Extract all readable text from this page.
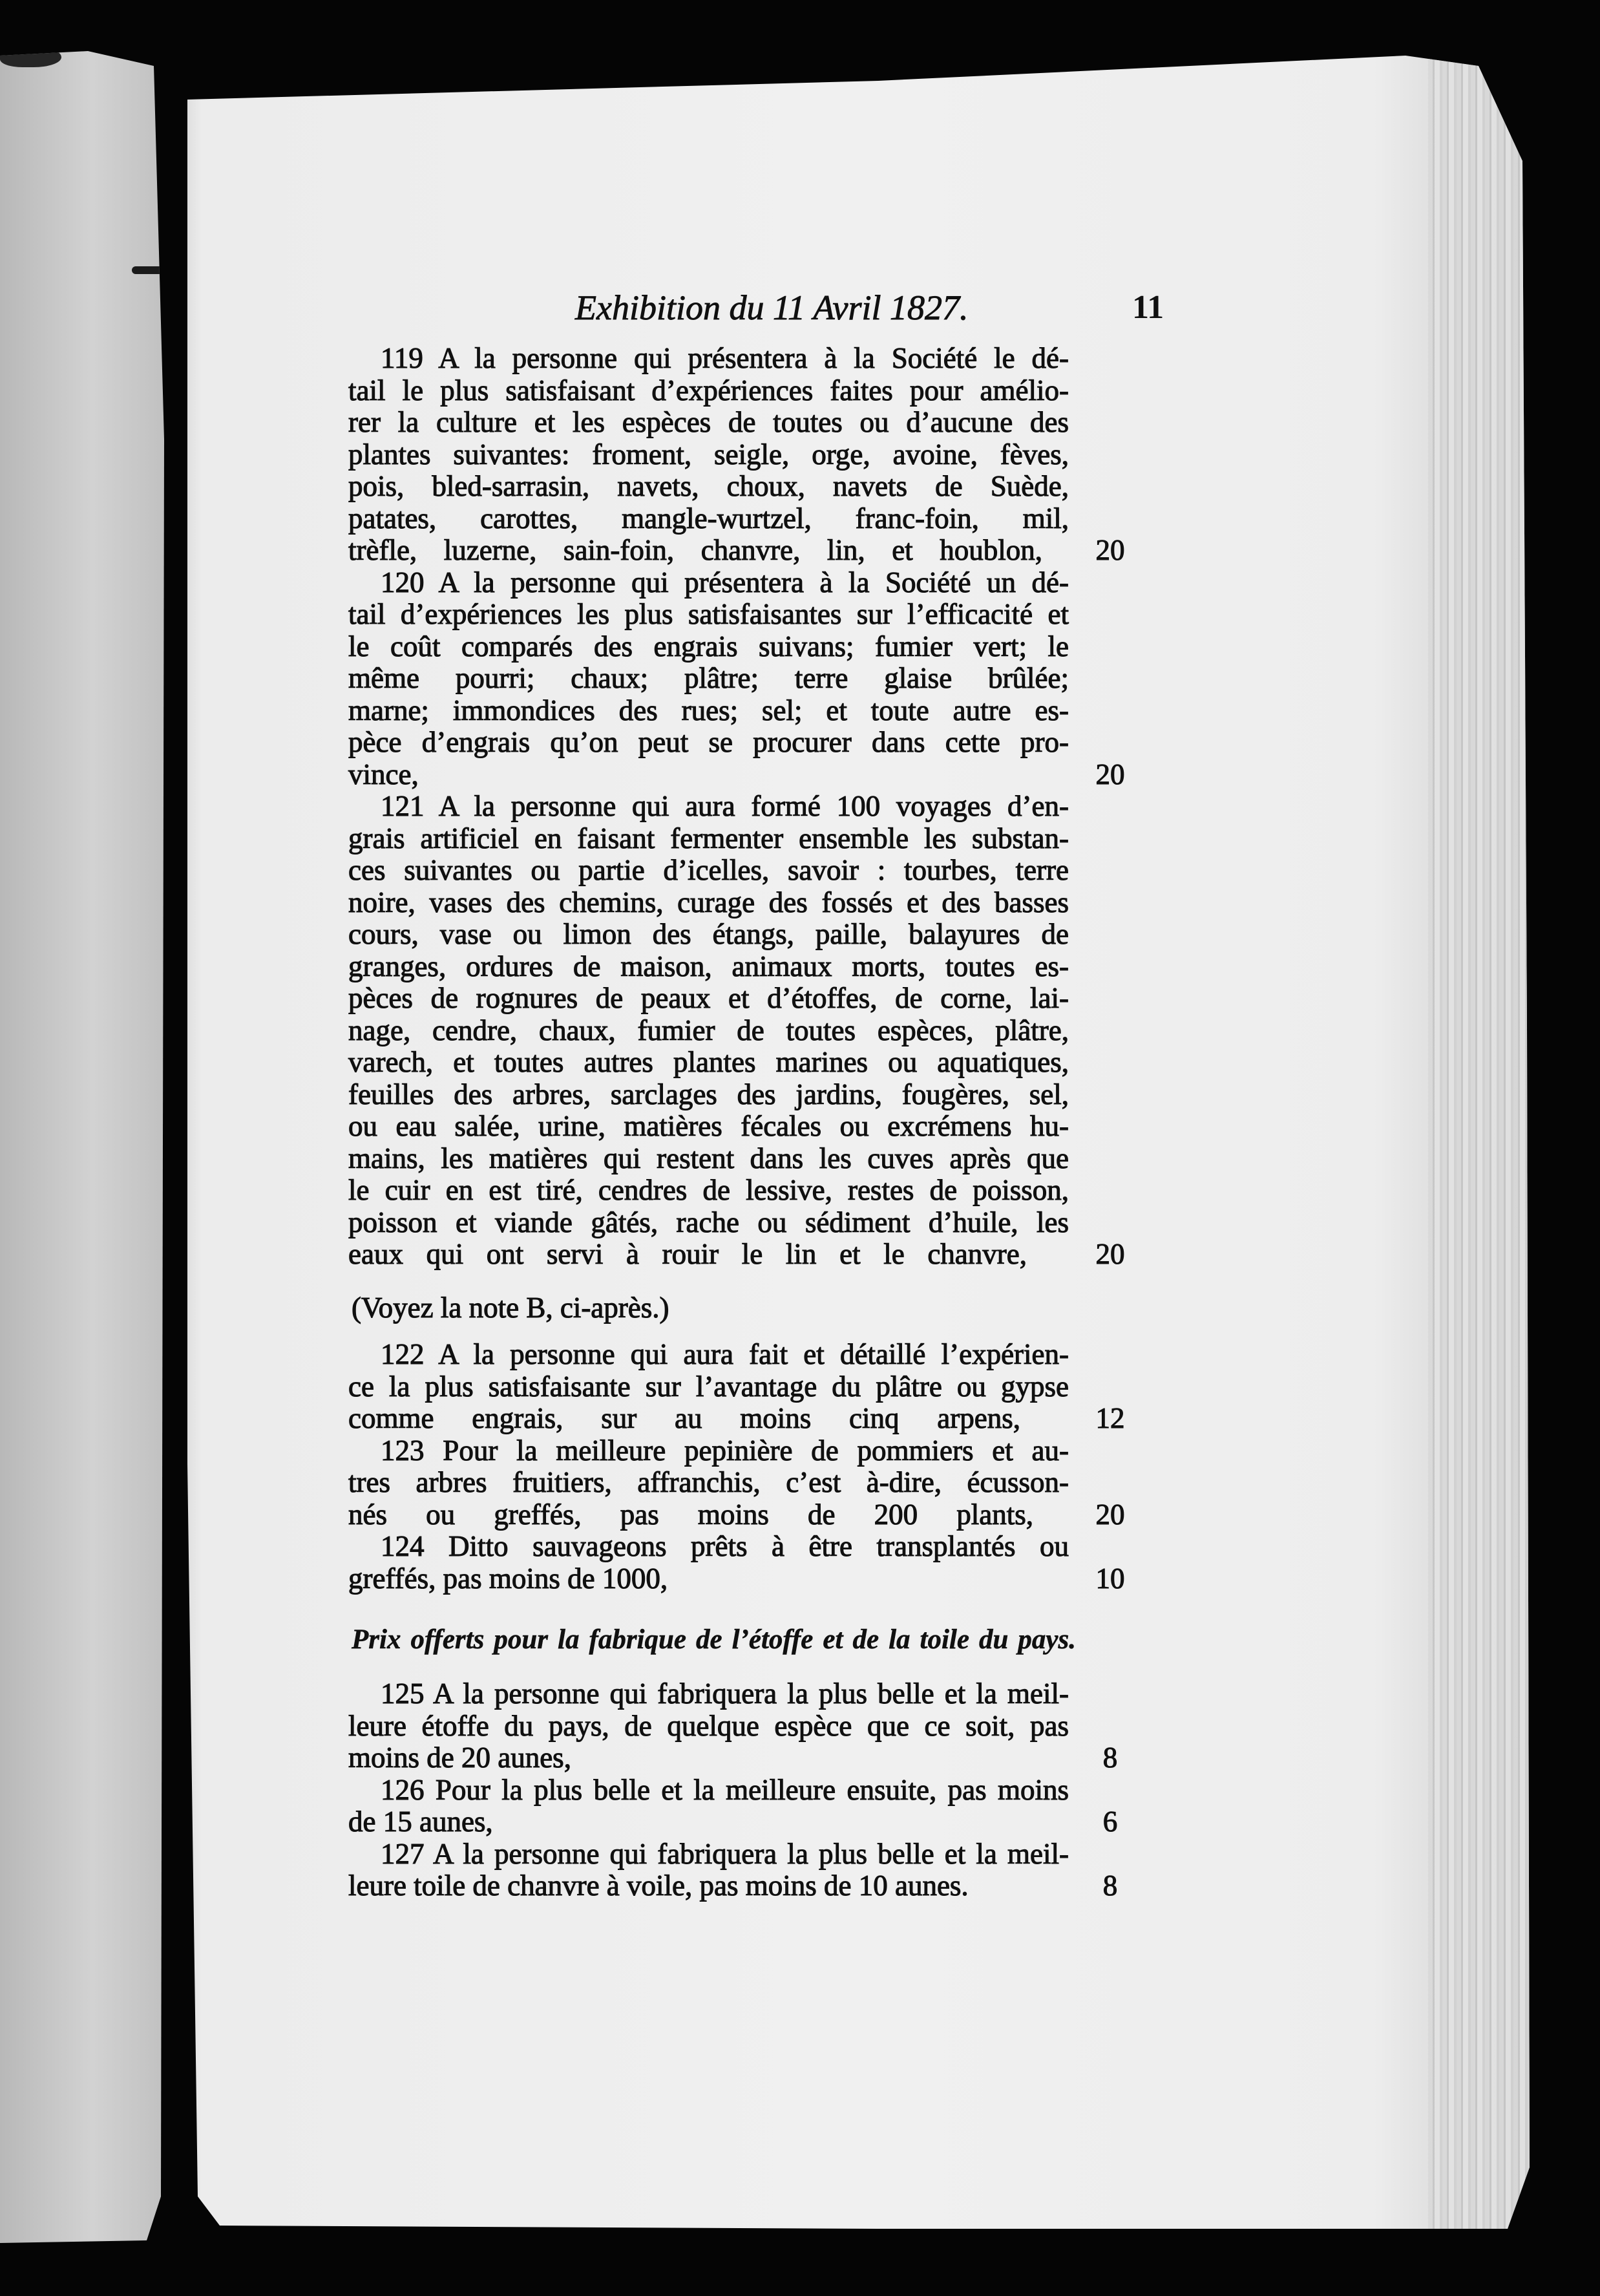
Exhibition du 11 Avril 1827.	11
119 A la personne qui présentera à la Société le dé-
tail le plus satisfaisant d’expériences faites pour amélio-
rer la culture et les espèces de toutes ou d’aucune des
plantes suivantes: froment, seigle, orge, avoine, fèves,
pois, bled-sarrasin, navets, choux, navets de Suède,
patates, carottes, mangle-wurtzel, franc-foin, mil,
trèfle, luzerne, sain-foin, chanvre, lin, et houblon,	20
120 A la personne qui présentera à la Société un dé-
tail d’expériences les plus satisfaisantes sur l’efficacité et
le coût comparés des engrais suivans; fumier vert; le
même pourri; chaux; plâtre; terre glaise brûlée;
marne; immondices des rues; sel; et toute autre es-
pèce d’engrais qu’on peut se procurer dans cette pro-
vince,	20
121 A la personne qui aura formé 100 voyages d’en-
grais artificiel en faisant fermenter ensemble les substan-
ces suivantes ou partie d’icelles, savoir : tourbes, terre
noire, vases des chemins, curage des fossés et des basses
cours, vase ou limon des étangs, paille, balayures de
granges, ordures de maison, animaux morts, toutes es-
pèces de rognures de peaux et d’étoffes, de corne, lai-
nage, cendre, chaux, fumier de toutes espèces, plâtre,
varech, et toutes autres plantes marines ou aquatiques,
feuilles des arbres, sarclages des jardins, fougères, sel,
ou eau salée, urine, matières fécales ou excrémens hu-
mains, les matières qui restent dans les cuves après que
le cuir en est tiré, cendres de lessive, restes de poisson,
poisson et viande gâtés, rache ou sédiment d’huile, les
eaux qui ont servi à rouir le lin et le chanvre,	20
(Voyez la note B, ci-après.)
122 A la personne qui aura fait et détaillé l’expérien-
ce la plus satisfaisante sur l’avantage du plâtre ou gypse
comme engrais, sur au moins cinq arpens,	12
123 Pour la meilleure pepinière de pommiers et au-
tres arbres fruitiers, affranchis, c’est à-dire, écusson-
nés ou greffés, pas moins de 200 plants,	20
124 Ditto sauvageons prêts à être transplantés ou
greffés, pas moins de 1000,	10
Prix offerts pour la fabrique de l’étoffe et de la toile du pays.
125 A la personne qui fabriquera la plus belle et la meil-
leure étoffe du pays, de quelque espèce que ce soit, pas
moins de 20 aunes,	8
126 Pour la plus belle et la meilleure ensuite, pas moins
de 15 aunes,	6
127 A la personne qui fabriquera la plus belle et la meil-
leure toile de chanvre à voile, pas moins de 10 aunes.	8
